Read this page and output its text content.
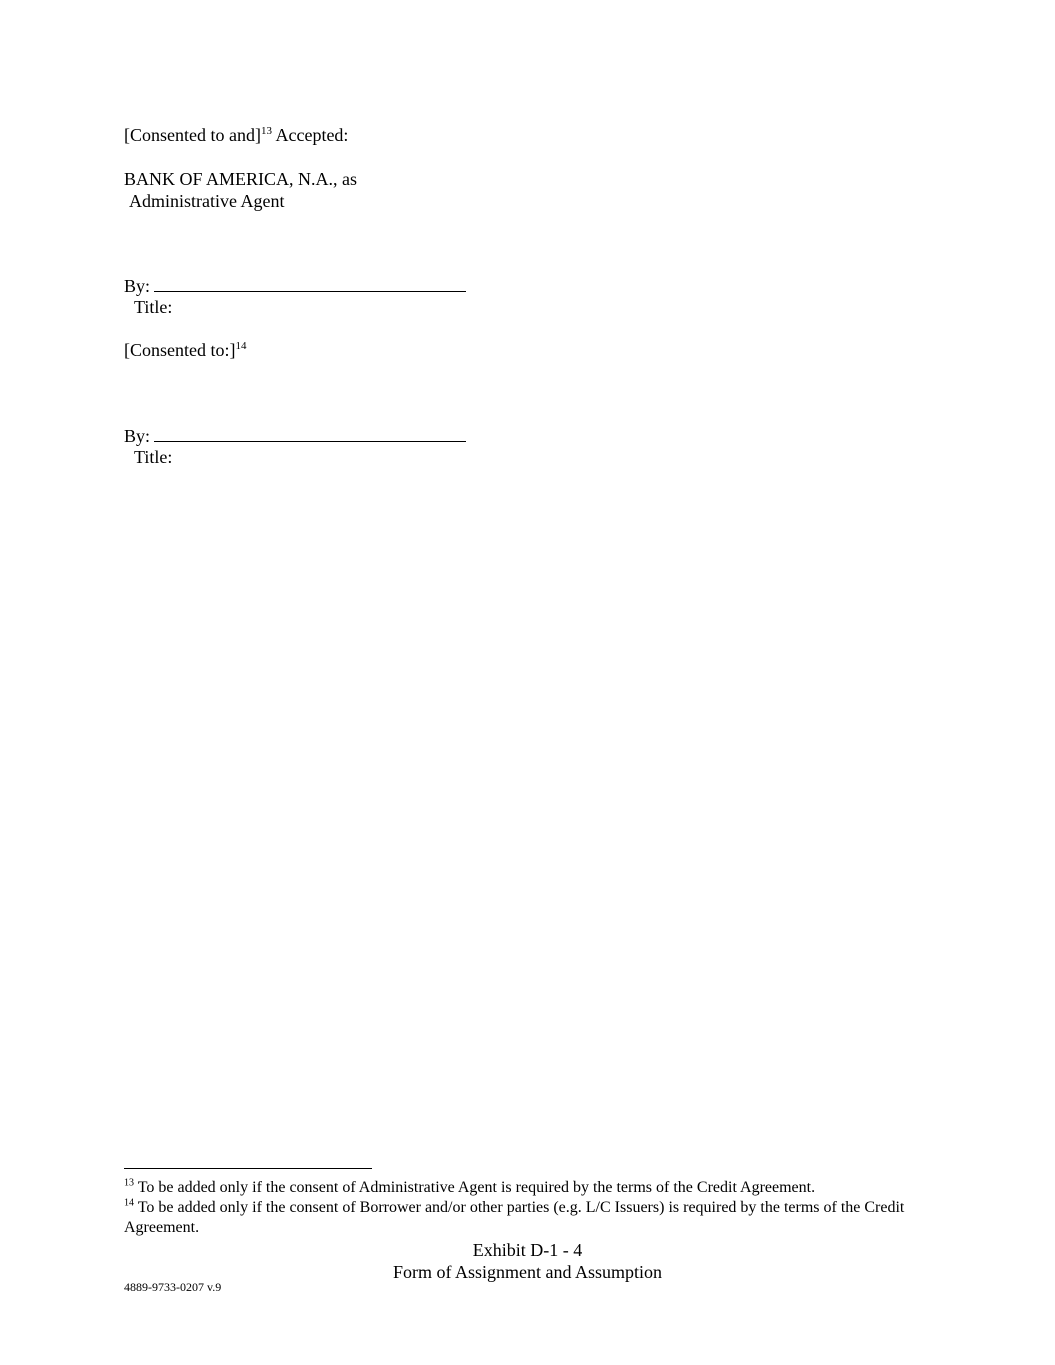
[Consented to and]$^{13}$ Accepted:
BANK OF AMERICA, N.A., as
Administrative Agent
By:
Title:
[Consented to:]$^{14}$
By:
Title:

$^{13}$ To be added only if the consent of Administrative Agent is required by the terms of the Credit Agreement.

$^{14}$ To be added only if the consent of Borrower and/or other parties (e.g. L/C Issuers) is required by the terms of the Credit Agreement.

Exhibit D-1 - 4
Form of Assignment and Assumption
4889-9733-0207 v.9
